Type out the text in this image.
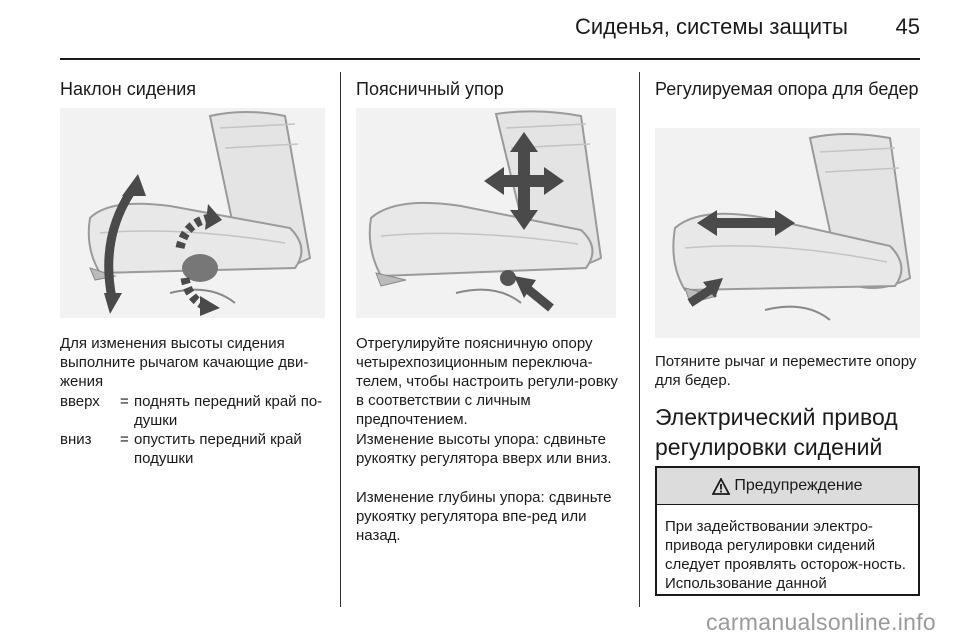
Сиденья, системы защиты 45
Наклон сидения

Для изменения высоты сидения выполните рычагом качающие дви-жения

вверх	= поднять передний край по-
душки
вниз	= опустить передний край
подушки
Поясничный упор

Отрегулируйте поясничную опору четырехпозиционным переключа-телем, чтобы настроить регули-ровку в соответствии с личным предпочтением.

Изменение высоты упора: сдвиньте рукоятку регулятора вверх или вниз.

Изменение глубины упора: сдвиньте рукоятку регулятора впе-ред или назад.

Регулируемая опора для бедер

Потяните рычаг и переместите опору для бедер.

Электрический привод регулировки сидений
Предупреждение
При задействовании электро-привода регулировки сидений следует проявлять осторож-ность. Использование данной
carmanualsonline.info
